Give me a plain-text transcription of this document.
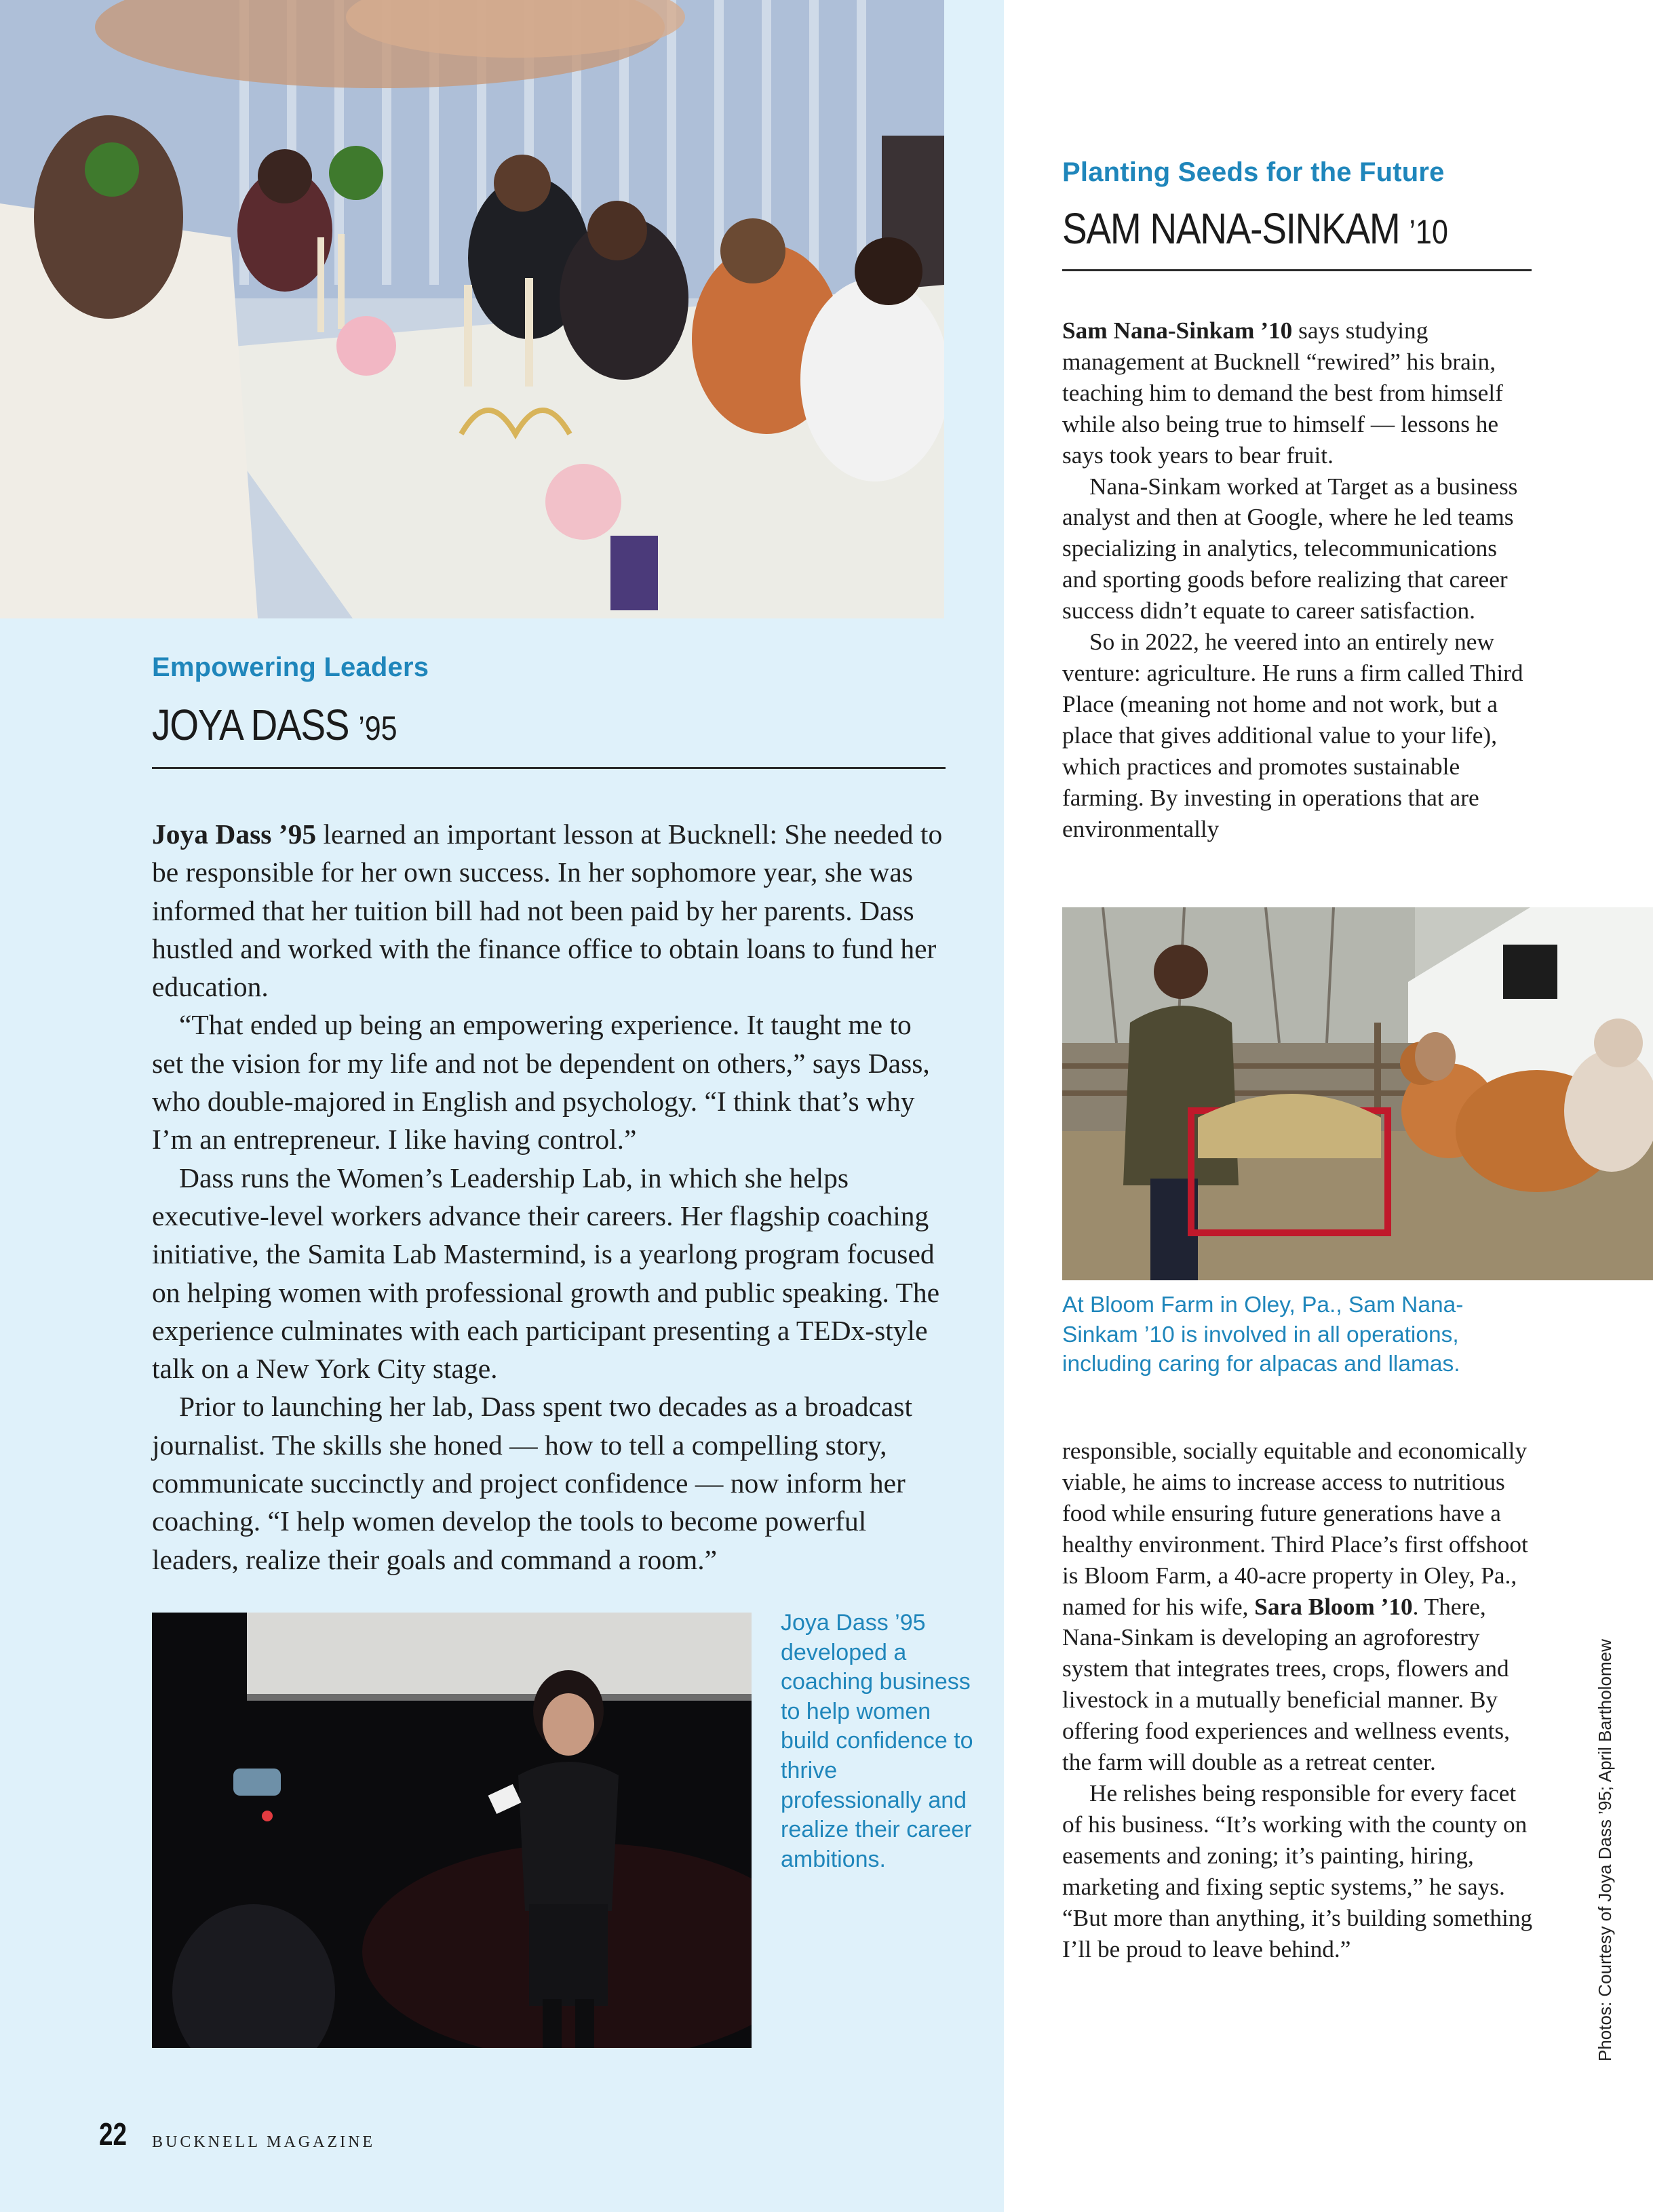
Empowering Leaders
JOYA DASS ’95

Joya Dass ’95 learned an important lesson at Bucknell: She needed to be responsible for her own success. In her sophomore year, she was informed that her tuition bill had not been paid by her parents. Dass hustled and worked with the finance office to obtain loans to fund her education.

“That ended up being an empowering experience. It taught me to set the vision for my life and not be dependent on others,” says Dass, who double-majored in English and psychology. “I think that’s why I’m an entrepreneur. I like having control.”

Dass runs the Women’s Leadership Lab, in which she helps executive-level workers advance their careers. Her flagship coaching initiative, the Samita Lab Mastermind, is a yearlong program focused on helping women with professional growth and public speaking. The experience culminates with each participant presenting a TEDx-style talk on a New York City stage.

Prior to launching her lab, Dass spent two decades as a broadcast journalist. The skills she honed — how to tell a compelling story, communicate succinctly and project confidence — now inform her coaching. “I help women develop the tools to become powerful leaders, realize their goals and command a room.”

Joya Dass ’95 developed a coaching business to help women build confidence to thrive professionally and realize their career ambitions.
Planting Seeds for the Future
SAM NANA-SINKAM ’10

Sam Nana-Sinkam ’10 says studying management at Bucknell “rewired” his brain, teaching him to demand the best from himself while also being true to himself — lessons he says took years to bear fruit.

Nana-Sinkam worked at Target as a business analyst and then at Google, where he led teams specializing in analytics, telecommunications and sporting goods before realizing that career success didn’t equate to career satisfaction.

So in 2022, he veered into an entirely new venture: agriculture. He runs a firm called Third Place (meaning not home and not work, but a place that gives additional value to your life), which practices and promotes sustainable farming. By investing in operations that are environmentally

At Bloom Farm in Oley, Pa., Sam Nana-Sinkam ’10 is involved in all operations, including caring for alpacas and llamas.

responsible, socially equitable and economically viable, he aims to increase access to nutritious food while ensuring future generations have a healthy environment. Third Place’s first offshoot is Bloom Farm, a 40-acre property in Oley, Pa., named for his wife, Sara Bloom ’10. There, Nana-Sinkam is developing an agroforestry system that integrates trees, crops, flowers and livestock in a mutually beneficial manner. By offering food experiences and wellness events, the farm will double as a retreat center.

He relishes being responsible for every facet of his business. “It’s working with the county on easements and zoning; it’s painting, hiring, marketing and fixing septic systems,” he says. “But more than anything, it’s building something I’ll be proud to leave behind.”	Photos: Courtesy of Joya Dass ’95; April Bartholomew
22 BUCKNELL MAGAZINE
